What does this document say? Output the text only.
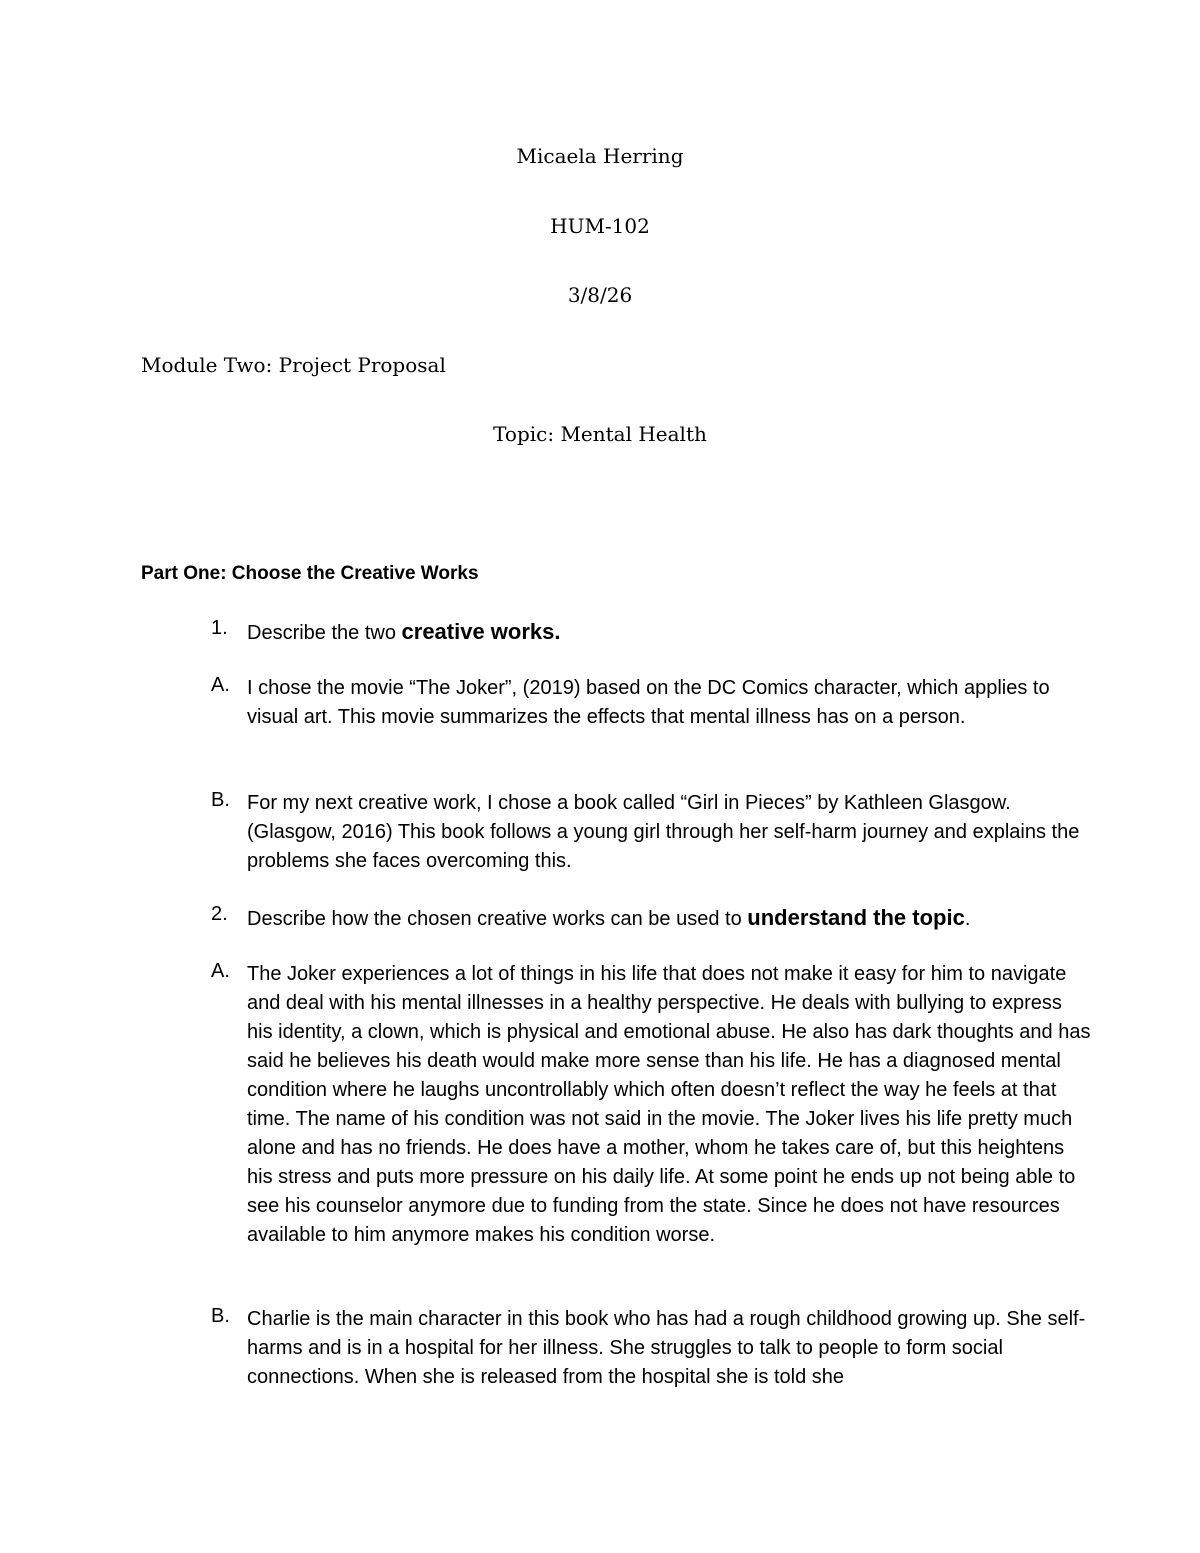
Micaela Herring
HUM-102
3/8/26
Module Two: Project Proposal
Topic: Mental Health
Part One: Choose the Creative Works
1. Describe the two creative works.
A. I chose the movie “The Joker”, (2019) based on the DC Comics character, which applies to visual art. This movie summarizes the effects that mental illness has on a person.
B. For my next creative work, I chose a book called “Girl in Pieces” by Kathleen Glasgow. (Glasgow, 2016) This book follows a young girl through her self-harm journey and explains the problems she faces overcoming this.
2. Describe how the chosen creative works can be used to understand the topic.
A. The Joker experiences a lot of things in his life that does not make it easy for him to navigate and deal with his mental illnesses in a healthy perspective. He deals with bullying to express his identity, a clown, which is physical and emotional abuse. He also has dark thoughts and has said he believes his death would make more sense than his life. He has a diagnosed mental condition where he laughs uncontrollably which often doesn’t reflect the way he feels at that time. The name of his condition was not said in the movie. The Joker lives his life pretty much alone and has no friends. He does have a mother, whom he takes care of, but this heightens his stress and puts more pressure on his daily life. At some point he ends up not being able to see his counselor anymore due to funding from the state. Since he does not have resources available to him anymore makes his condition worse.
B. Charlie is the main character in this book who has had a rough childhood growing up. She self-harms and is in a hospital for her illness. She struggles to talk to people to form social connections. When she is released from the hospital she is told she
